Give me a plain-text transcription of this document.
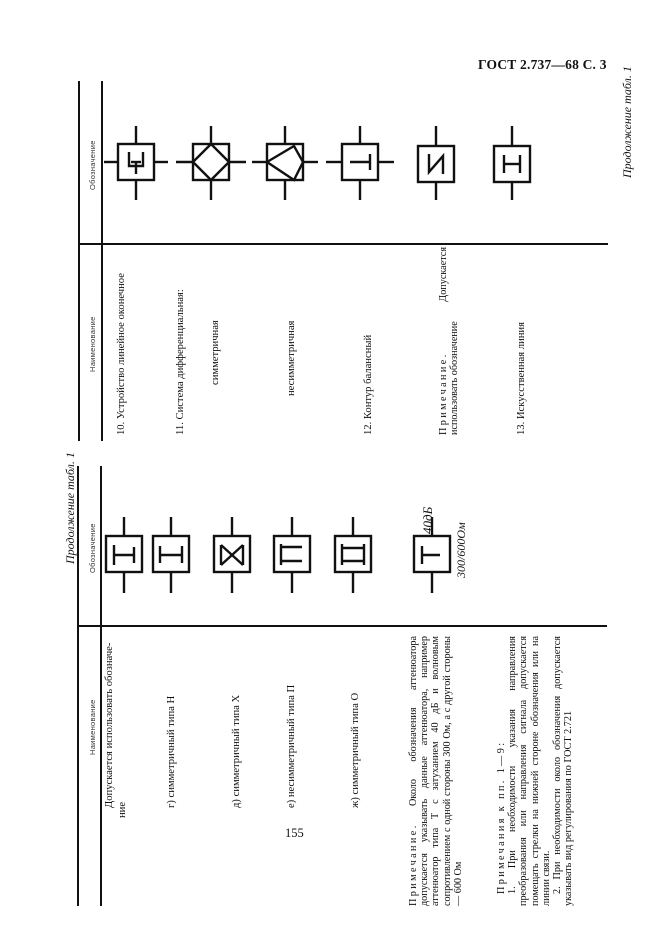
ГОСТ 2.737—68 С. 3
Продолжение табл. 1
Обозначение
Наименование 10. Устройство линейное оконечное	11. Система дифференциальная: симметричная	несимметричная	12. Контур балансный	Примечание. Допускается использовать обозначение	13. Искусственная линия
Продолжение табл. 1 Обозначение
Наименование Допускается использовать обозначе-
ние
г) симметричный типа Н	д) симметричный типа X	е) несимметричный типа П	ж) симметричный типа О
Примечание. Около обозначения аттенюатора допускается указывать данные аттенюатора, например аттенюатор типа Т с затуханием 40 дБ и волновым сопротивлением с одной стороны 300 Ом, а с другой стороны — 600 Ом	Примечания к пп. 1—9: 1. При необходимости указания направления преобразования или направления сигнала допускается помещать стрелки на нижней стороне обозначения или на линии связи. 2. При необходимости около обозначения допускается указывать вид регулирования по ГОСТ 2.721
40дБ
300/600Ом
155
